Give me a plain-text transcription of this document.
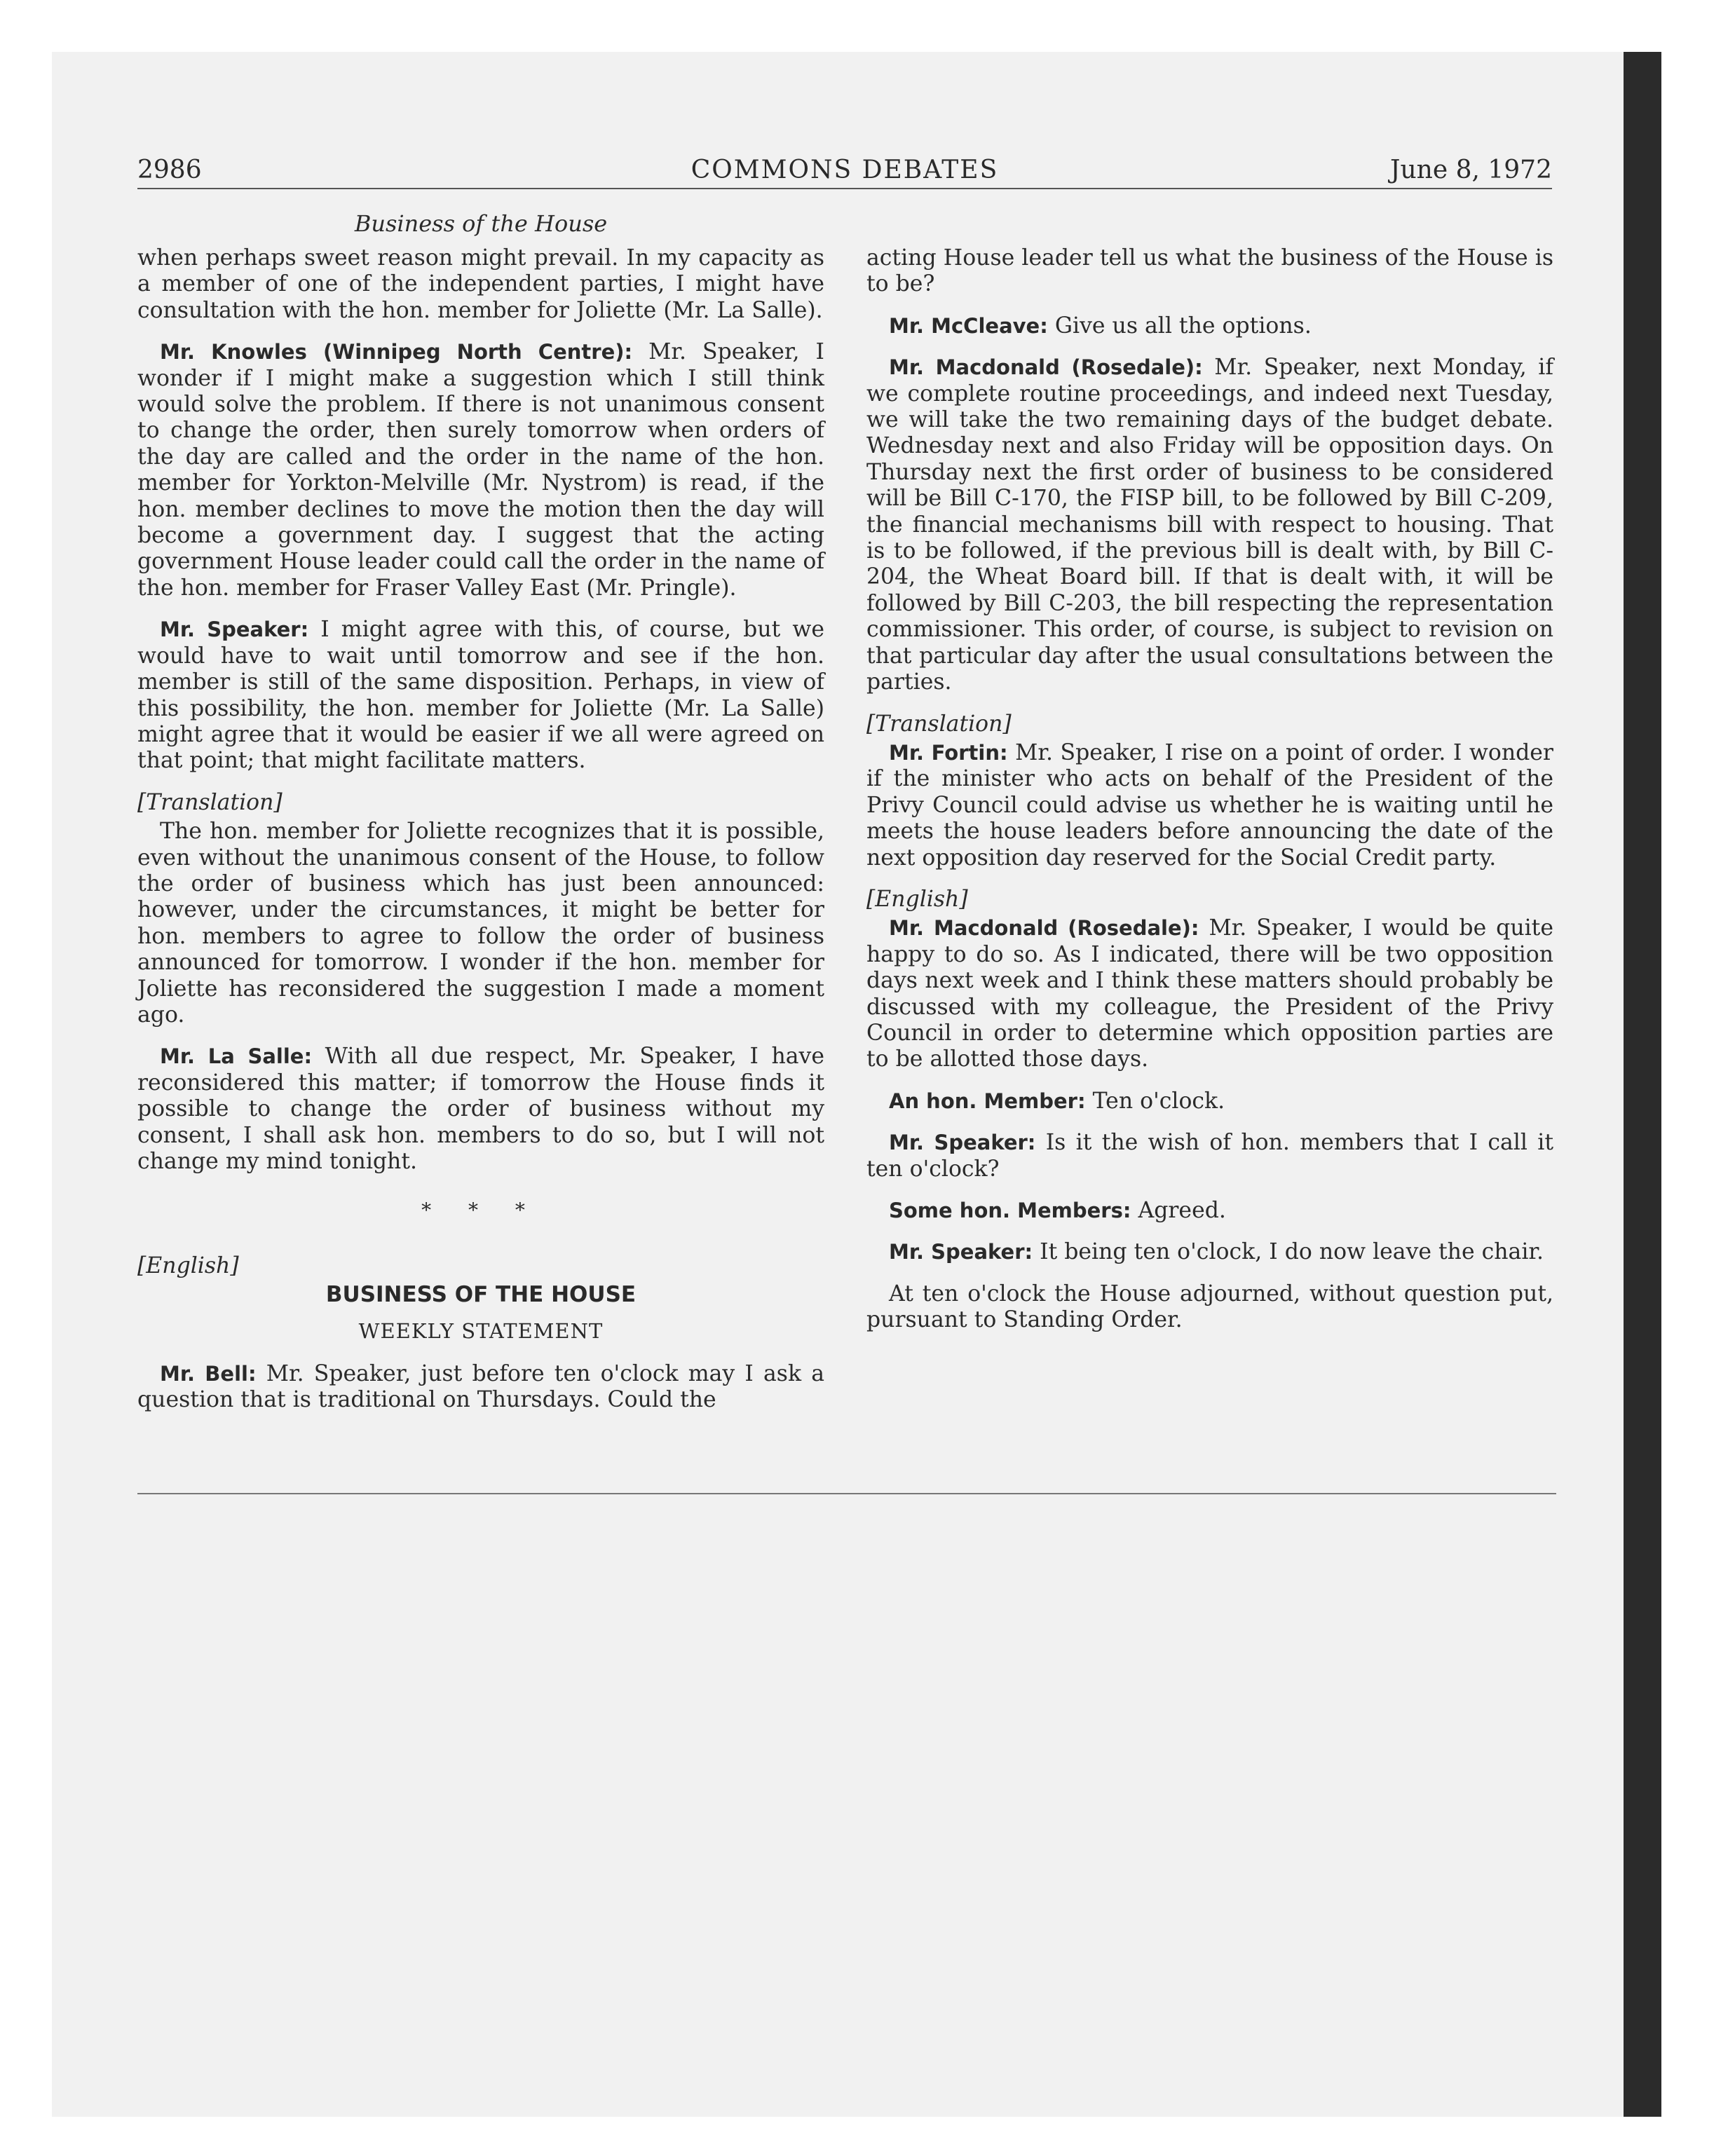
2986	COMMONS DEBATES	June 8, 1972
Business of the House

when perhaps sweet reason might prevail. In my capacity as a member of one of the independent parties, I might have consultation with the hon. member for Joliette (Mr. La Salle).

Mr. Knowles (Winnipeg North Centre): Mr. Speaker, I wonder if I might make a suggestion which I still think would solve the problem. If there is not unanimous consent to change the order, then surely tomorrow when orders of the day are called and the order in the name of the hon. member for Yorkton-Melville (Mr. Nystrom) is read, if the hon. member declines to move the motion then the day will become a government day. I suggest that the acting government House leader could call the order in the name of the hon. member for Fraser Valley East (Mr. Pringle).

Mr. Speaker: I might agree with this, of course, but we would have to wait until tomorrow and see if the hon. member is still of the same disposition. Perhaps, in view of this possibility, the hon. member for Joliette (Mr. La Salle) might agree that it would be easier if we all were agreed on that point; that might facilitate matters.

[Translation]

The hon. member for Joliette recognizes that it is possible, even without the unanimous consent of the House, to follow the order of business which has just been announced: however, under the circumstances, it might be better for hon. members to agree to follow the order of business announced for tomorrow. I wonder if the hon. member for Joliette has reconsidered the suggestion I made a moment ago.

Mr. La Salle: With all due respect, Mr. Speaker, I have reconsidered this matter; if tomorrow the House finds it possible to change the order of business without my consent, I shall ask hon. members to do so, but I will not change my mind tonight.

* * *

[English]

BUSINESS OF THE HOUSE

WEEKLY STATEMENT

Mr. Bell: Mr. Speaker, just before ten o'clock may I ask a question that is traditional on Thursdays. Could the

acting House leader tell us what the business of the House is to be?

Mr. McCleave: Give us all the options.

Mr. Macdonald (Rosedale): Mr. Speaker, next Monday, if we complete routine proceedings, and indeed next Tuesday, we will take the two remaining days of the budget debate. Wednesday next and also Friday will be opposition days. On Thursday next the first order of business to be considered will be Bill C-170, the FISP bill, to be followed by Bill C-209, the financial mechanisms bill with respect to housing. That is to be followed, if the previous bill is dealt with, by Bill C-204, the Wheat Board bill. If that is dealt with, it will be followed by Bill C-203, the bill respecting the representation commissioner. This order, of course, is subject to revision on that particular day after the usual consultations between the parties.

[Translation]

Mr. Fortin: Mr. Speaker, I rise on a point of order. I wonder if the minister who acts on behalf of the President of the Privy Council could advise us whether he is waiting until he meets the house leaders before announcing the date of the next opposition day reserved for the Social Credit party.

[English]

Mr. Macdonald (Rosedale): Mr. Speaker, I would be quite happy to do so. As I indicated, there will be two opposition days next week and I think these matters should probably be discussed with my colleague, the President of the Privy Council in order to determine which opposition parties are to be allotted those days.

An hon. Member: Ten o'clock.

Mr. Speaker: Is it the wish of hon. members that I call it ten o'clock?

Some hon. Members: Agreed.

Mr. Speaker: It being ten o'clock, I do now leave the chair.

At ten o'clock the House adjourned, without question put, pursuant to Standing Order.
